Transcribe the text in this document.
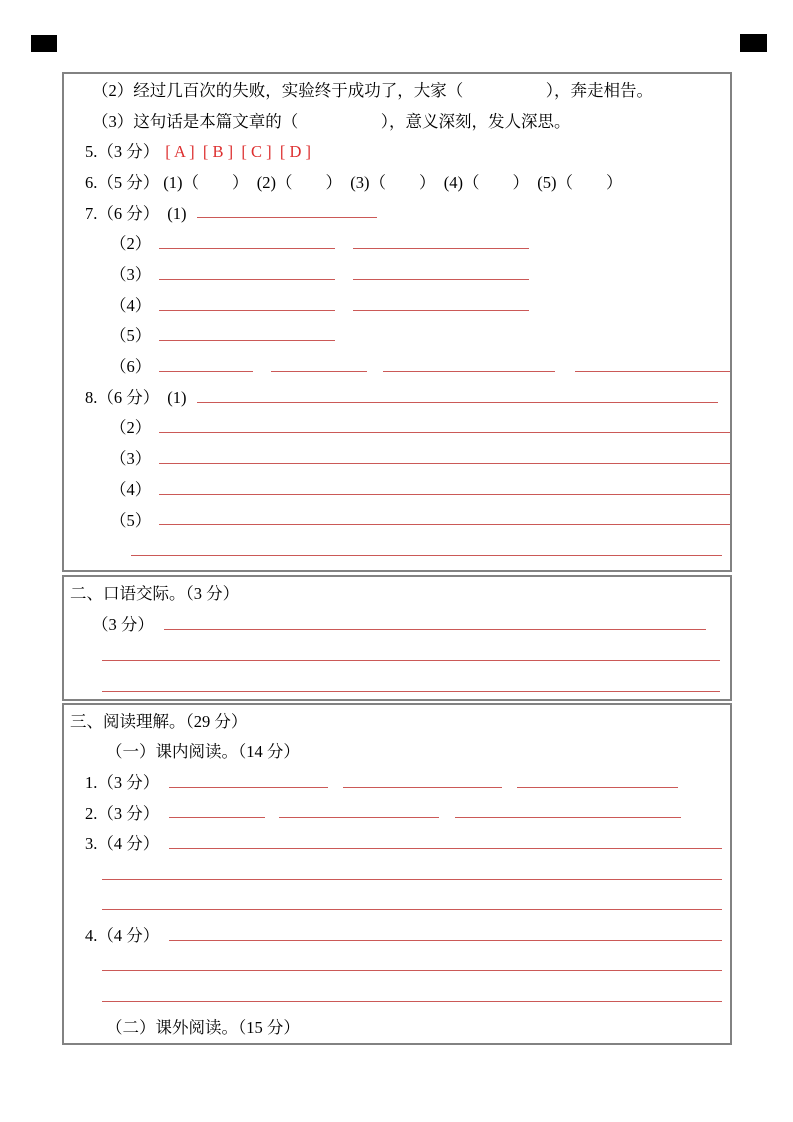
（2）经过几百次的失败，实验终于成功了，大家（　　　　　），奔走相告。
（3）这句话是本篇文章的（　　　　　），意义深刻，发人深思。
5.（3 分） [ A ]  [ B ]  [ C ]  [ D ]
6.（5 分） (1)（　　）　(2)（　　）　(3)（　　）　(4)（　　）　(5)（　　）
7.（6 分） (1)
（2）
（3）
（4）
（5）
（6）
8.（6 分） (1)
（2）
（3）
（4）
（5）
二、口语交际。（3 分）
（3 分）
三、阅读理解。（29 分）
（一）课内阅读。（14 分）
1.（3 分）
2.（3 分）
3.（4 分）
4.（4 分）
（二）课外阅读。（15 分）
